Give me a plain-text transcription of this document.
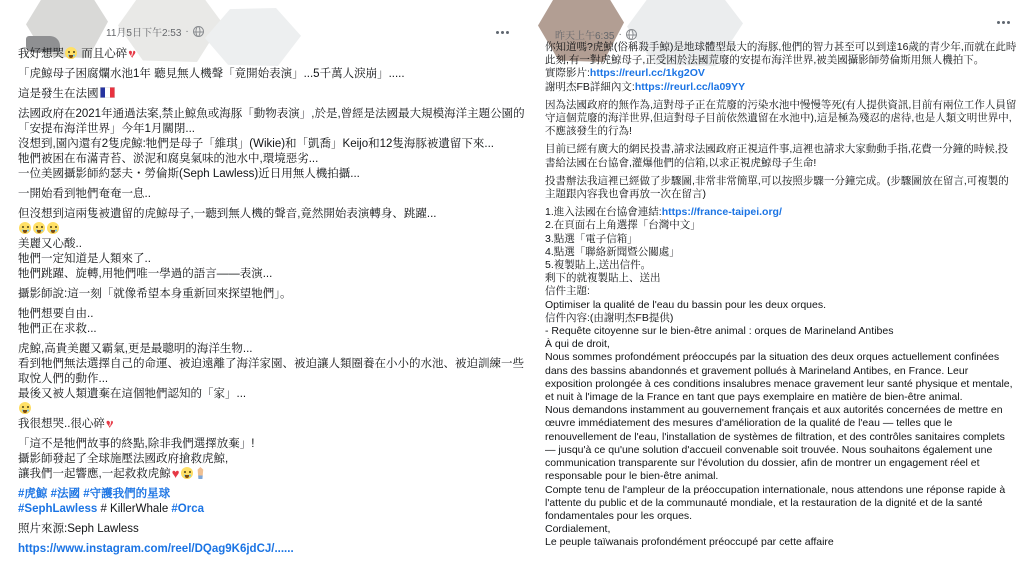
11月5日下午2:53 ·
我好想哭 而且心碎♥
「虎鯨母子困腐爛水池1年 聽見無人機聲「竟開始表演」...5千萬人淚崩」.....
這是發生在法國
法國政府在2021年通過法案,禁止鯨魚或海豚「動物表演」,於是,曾經是法國最大規模海洋主題公園的「安提布海洋世界」今年1月關閉...
沒想到,園內還有2隻虎鯨:牠們是母子「維琪」(Wikie)和「凱喬」Keijo和12隻海豚被遺留下來...
牠們被困在布滿青苔、淤泥和腐臭氣味的池水中,環境惡劣...
一位美國攝影師約瑟夫・勞倫斯(Seph Lawless)近日用無人機拍攝...
一開始看到牠們奄奄一息..
但沒想到這兩隻被遺留的虎鯨母子,一聽到無人機的聲音,竟然開始表演轉身、跳躍...

美麗又心酸..
牠們一定知道是人類來了..
牠們跳躍、旋轉,用牠們唯一學過的語言——表演...
攝影師說:這一刻「就像希望本身重新回來探望牠們」。
牠們想要自由..
牠們正在求救...
虎鯨,高貴美麗又霸氣,更是最聰明的海洋生物...
看到牠們無法選擇自己的命運、被迫遠離了海洋家園、被迫讓人類圈養在小小的水池、被迫訓練一些取悅人們的動作...
最後又被人類遺棄在這個牠們認知的「家」...

我很想哭..很心碎♥
「這不是牠們故事的終點,除非我們選擇放棄」!
攝影師發起了全球施壓法國政府搶救虎鯨,
讓我們一起響應,一起救救虎鯨♥
#虎鯨 #法國 #守護我們的星球
#SephLawless # KillerWhale #Orca
照片來源:Seph Lawless
https://www.instagram.com/reel/DQag9K6jdCJ/......
昨天上午6:35 ·
你知道嗎?虎鯨(俗稱殺手鯨)是地球體型最大的海豚,他們的智力甚至可以到達16歲的青少年,而就在此時此刻,有一對虎鯨母子,正受困於法國荒廢的安提布海洋世界,被美國攝影師勞倫斯用無人機拍下。
實際影片:https://reurl.cc/1kg2OV
謝明杰FB詳細內文:https://reurl.cc/la09YY
因為法國政府的無作為,這對母子正在荒廢的污染水池中慢慢等死(有人提供資訊,目前有兩位工作人員留守這個荒廢的海洋世界,但這對母子目前依然遺留在水池中),這是極為殘忍的虐待,也是人類文明世界中,不應該發生的行為!
目前已經有廣大的網民投書,請求法國政府正視這件事,這裡也請求大家動動手指,花費一分鐘的時候,投書給法國在台協會,灌爆他們的信箱,以求正視虎鯨母子生命!
投書辦法我這裡已經做了步驟圖,非常非常簡單,可以按照步驟一分鐘完成。(步驟圖放在留言,可複製的主題跟內容我也會再放一次在留言)
1.進入法國在台協會連結:https://france-taipei.org/
2.在頁面右上角選擇「台灣中文」
3.點選「電子信箱」
4.點選「聯絡新聞暨公關處」
5.複製貼上,送出信件。
剩下的就複製貼上、送出
信件主題:
Optimiser la qualité de l'eau du bassin pour les deux orques.
信件內容:(由謝明杰FB提供)
- Requête citoyenne sur le bien-être animal : orques de Marineland Antibes
À qui de droit,
Nous sommes profondément préoccupés par la situation des deux orques actuellement confinées dans des bassins abandonnés et gravement pollués à Marineland Antibes, en France. Leur exposition prolongée à ces conditions insalubres menace gravement leur santé physique et mentale, et nuit à l'image de la France en tant que pays exemplaire en matière de bien-être animal.
Nous demandons instamment au gouvernement français et aux autorités concernées de mettre en œuvre immédiatement des mesures d'amélioration de la qualité de l'eau — telles que le renouvellement de l'eau, l'installation de systèmes de filtration, et des contrôles sanitaires complets — jusqu'à ce qu'une solution d'accueil convenable soit trouvée. Nous souhaitons également une communication transparente sur l'évolution du dossier, afin de montrer un engagement réel et responsable pour le bien-être animal.
Compte tenu de l'ampleur de la préoccupation internationale, nous attendons une réponse rapide à l'attente du public et de la communauté mondiale, et la restauration de la dignité et de la santé fondamentales pour les orques.
Cordialement,
Le peuple taïwanais profondément préoccupé par cette affaire
